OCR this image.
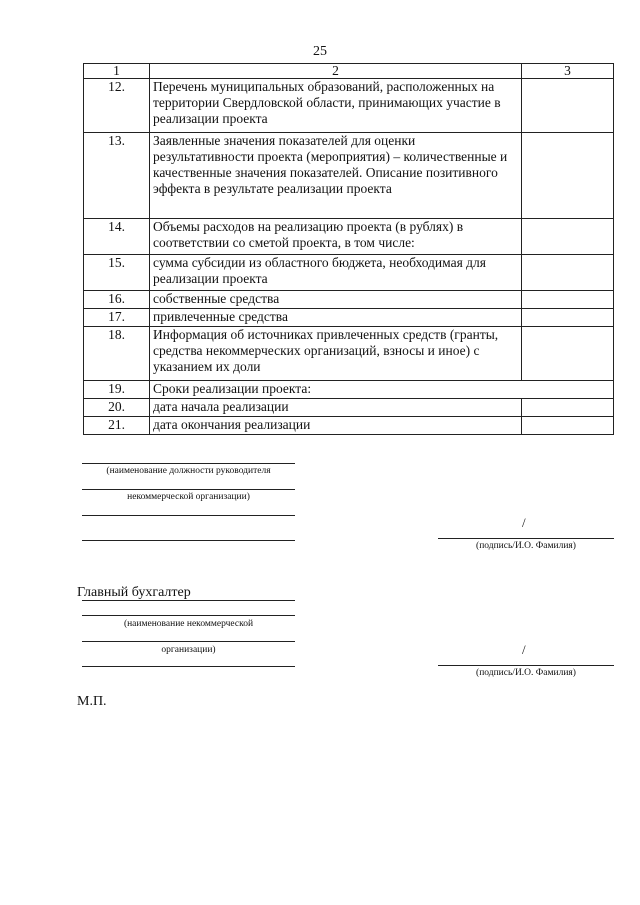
25
1	2	3
12.	Перечень муниципальных образований, расположенных на территории Свердловской области, принимающих участие в реализации проекта	
13.	Заявленные значения показателей для оценки результативности проекта (мероприятия) – количественные и качественные значения показателей. Описание позитивного эффекта в результате реализации проекта	
14.	Объемы расходов на реализацию проекта (в рублях) в соответствии со сметой проекта, в том числе:	
15.	сумма субсидии из областного бюджета, необходимая для реализации проекта	
16.	собственные средства	
17.	привлеченные средства	
18.	Информация об источниках привлеченных средств (гранты, средства некоммерческих организаций, взносы и иное) с указанием их доли	
19.	Сроки реализации проекта:	
20.	дата начала реализации	
21.	дата окончания реализации	
(наименование должности руководителя
некоммерческой организации)
/
(подпись/И.О. Фамилия)
Главный бухгалтер
(наименование некоммерческой
организации)	/
(подпись/И.О. Фамилия)
М.П.
